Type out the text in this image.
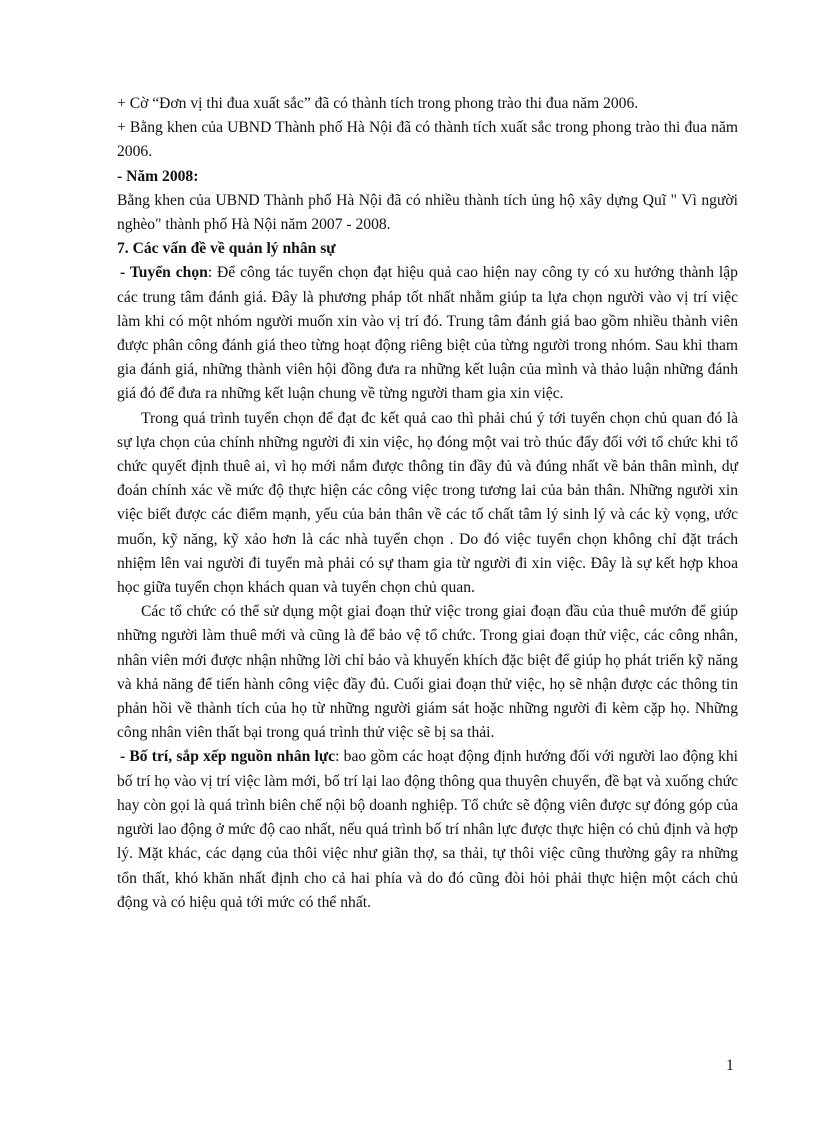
+ Cờ “Đơn vị thi đua xuất sắc” đã có thành tích trong phong trào thi đua năm 2006.

+ Bằng khen của UBND Thành phố Hà Nội đã có thành tích xuất sắc trong phong trào thi đua năm 2006.

- Năm 2008:

Bằng khen của UBND Thành phố Hà Nội đã có nhiều thành tích ủng hộ xây dựng Quĩ " Vì người nghèo" thành phố Hà Nội năm 2007 - 2008.

7. Các vấn đề về quản lý nhân sự

- Tuyển chọn: Để công tác tuyển chọn đạt hiệu quả cao hiện nay công ty có xu hướng thành lập các trung tâm đánh giá. Đây là phương pháp tốt nhất nhằm giúp ta lựa chọn người vào vị trí việc làm khi có một nhóm người muốn xin vào vị trí đó. Trung tâm đánh giá bao gồm nhiều thành viên được phân công đánh giá theo từng hoạt động riêng biệt của từng người trong nhóm. Sau khi tham gia đánh giá, những thành viên hội đồng đưa ra những kết luận của mình và thảo luận những đánh giá đó để đưa ra những kết luận chung về từng người tham gia xin việc.

Trong quá trình tuyển chọn để đạt đc kết quả cao thì phải chú ý tới tuyển chọn chủ quan đó là sự lựa chọn của chính những người đi xin việc, họ đóng một vai trò thúc đẩy đối với tổ chức khi tổ chức quyết định thuê ai, vì họ mới nắm được thông tin đầy đủ và đúng nhất về bản thân mình, dự đoán chính xác về mức độ thực hiện các công việc trong tương lai của bản thân. Những người xin việc biết được các điểm mạnh, yếu của bản thân về các tố chất tâm lý sinh lý và các kỳ vọng, ước muốn, kỹ năng, kỹ xảo hơn là các nhà tuyển chọn . Do đó việc tuyển chọn không chỉ đặt trách nhiệm lên vai người đi tuyển mà phải có sự tham gia từ người đi xin việc. Đây là sự kết hợp khoa học giữa tuyển chọn khách quan và tuyển chọn chủ quan.

Các tổ chức có thể sử dụng một giai đoạn thử việc trong giai đoạn đầu của thuê mướn để giúp những người làm thuê mới và cũng là để bảo vệ tổ chức. Trong giai đoạn thử việc, các công nhân, nhân viên mới được nhận những lời chỉ bảo và khuyến khích đặc biệt để giúp họ phát triển kỹ năng và khả năng để tiến hành công việc đầy đủ. Cuối giai đoạn thử việc, họ sẽ nhận được các thông tin phản hồi về thành tích của họ từ những người giám sát hoặc những người đi kèm cặp họ. Những công nhân viên thất bại trong quá trình thử việc sẽ bị sa thải.

- Bố trí, sắp xếp nguồn nhân lực: bao gồm các hoạt động định hướng đối với người lao động khi bố trí họ vào vị trí việc làm mới, bố trí lại lao động thông qua thuyên chuyển, đề bạt và xuống chức hay còn gọi là quá trình biên chế nội bộ doanh nghiệp. Tổ chức sẽ động viên được sự đóng góp của người lao động ở mức độ cao nhất, nếu quá trình bố trí nhân lực được thực hiện có chủ định và hợp lý. Mặt khác, các dạng của thôi việc như giãn thợ, sa thải, tự thôi việc cũng thường gây ra những tổn thất, khó khăn nhất định cho cả hai phía và do đó cũng đòi hỏi phải thực hiện một cách chủ động và có hiệu quả tới mức có thể nhất.

1
